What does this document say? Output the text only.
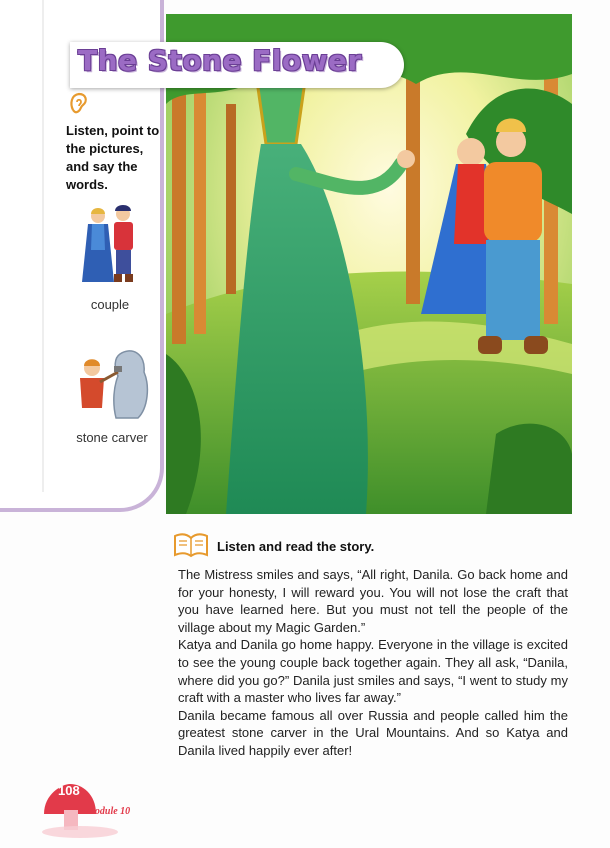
Listen, point to the pictures, and say the words.
couple
stone carver
The Stone Flower
Listen and read the story.

The Mistress smiles and says, “All right, Danila. Go back home and for your honesty, I will reward you. You will not lose the craft that you have learned here. But you must not tell the people of the village about my Magic Garden.”

Katya and Danila go home happy. Everyone in the village is excited to see the young couple back together again. They all ask, “Danila, where did you go?” Danila just smiles and says, “I went to study my craft with a master who lives far away.”

Danila became famous all over Russia and people called him the greatest stone carver in the Ural Mountains. And so Katya and Danila lived happily ever after!

108
Module 10
